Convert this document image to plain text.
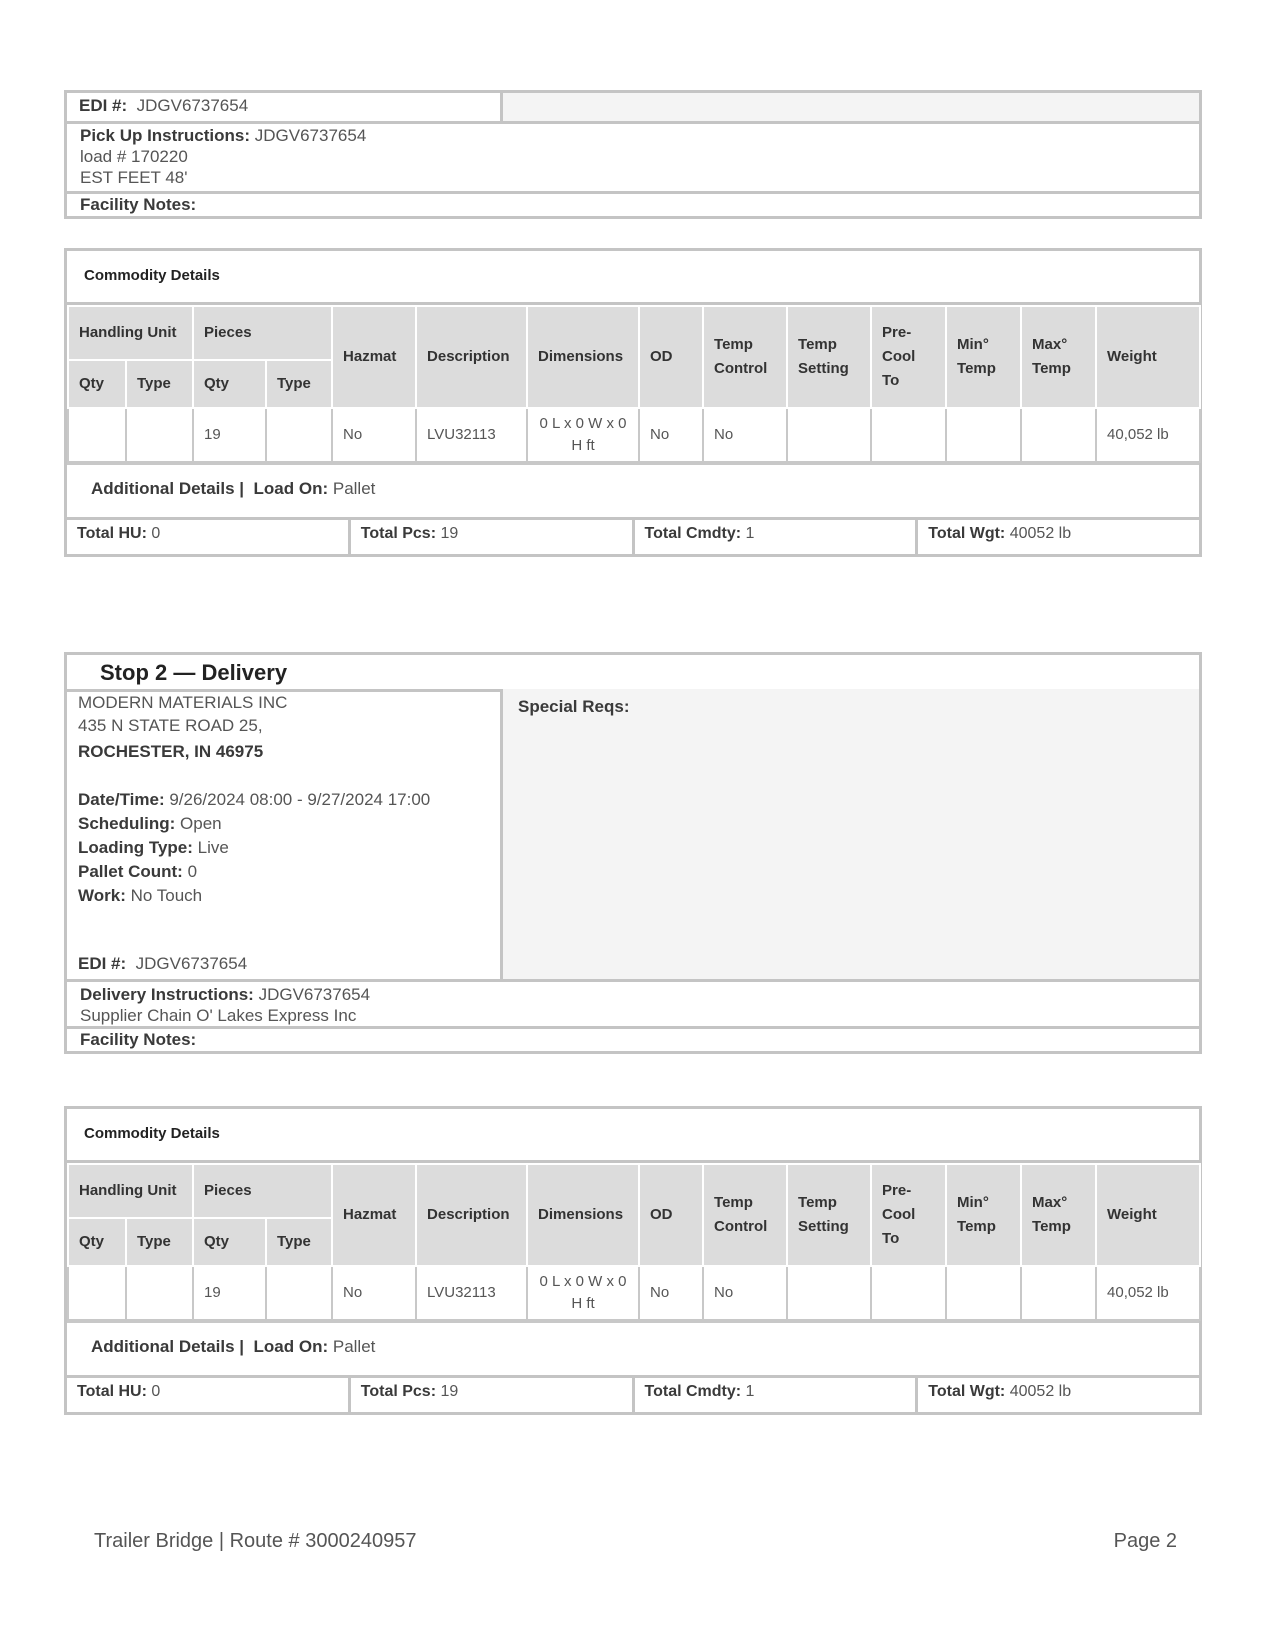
EDI #: JDGV6737654
Pick Up Instructions: JDGV6737654
load # 170220
EST FEET 48'
Facility Notes:
Commodity Details
Handling Unit		Pieces		Hazmat	Description	Dimensions	OD	Temp Control	Temp Setting	Pre-Cool To	Min° Temp	Max° Temp	Weight
Qty	Type	Qty	Type										
		19		No	LVU32113	0 L x 0 W x 0 H ft	No	No					40,052 lb
Additional Details | Load On: Pallet
Total HU: 0	Total Pcs: 19	Total Cmdty: 1	Total Wgt: 40052 lb
Stop 2 — Delivery
MODERN MATERIALS INC
435 N STATE ROAD 25,
ROCHESTER, IN 46975
Date/Time: 9/26/2024 08:00 - 9/27/2024 17:00
Scheduling: Open
Loading Type: Live
Pallet Count: 0
Work: No Touch
EDI #: JDGV6737654
Special Reqs:
Delivery Instructions: JDGV6737654
Supplier Chain O' Lakes Express Inc
Facility Notes:
Commodity Details
Handling Unit		Pieces		Hazmat	Description	Dimensions	OD	Temp Control	Temp Setting	Pre-Cool To	Min° Temp	Max° Temp	Weight
Qty	Type	Qty	Type										
		19		No	LVU32113	0 L x 0 W x 0 H ft	No	No					40,052 lb
Additional Details | Load On: Pallet
Total HU: 0	Total Pcs: 19	Total Cmdty: 1	Total Wgt: 40052 lb
Trailer Bridge | Route # 3000240957	Page 2
